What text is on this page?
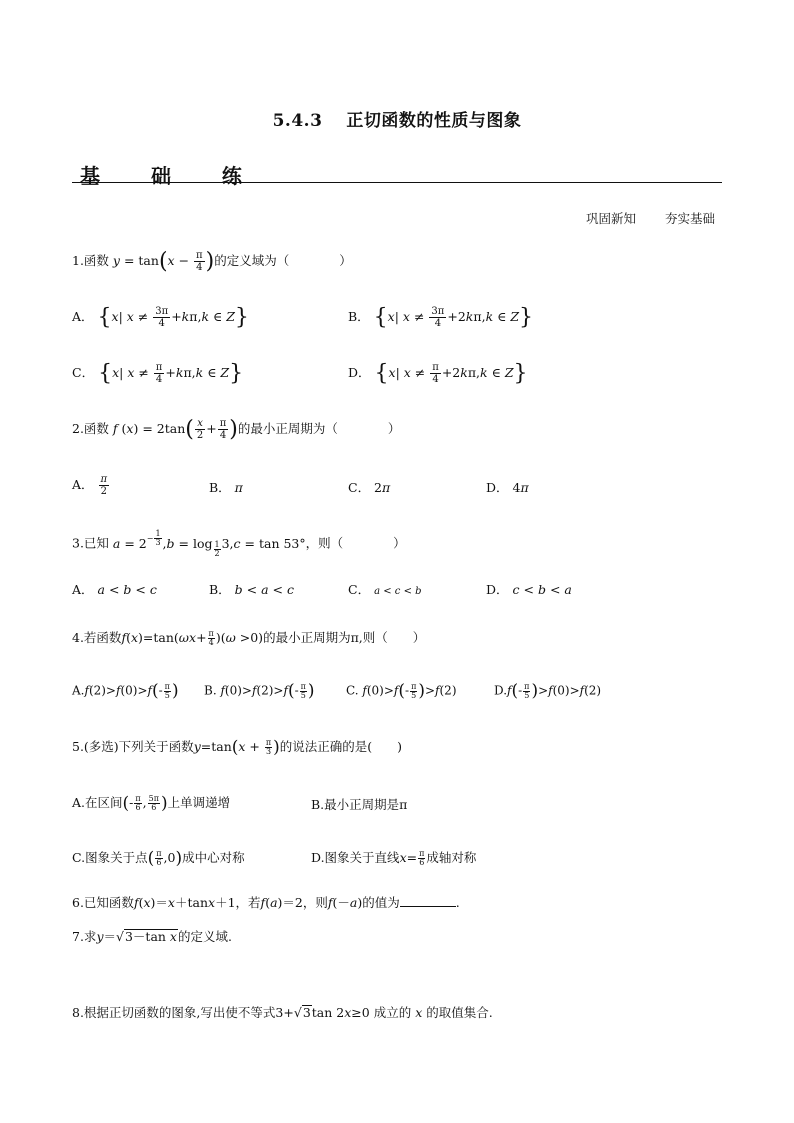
5.4.3 正切函数的性质与图象
基 础 练
巩固新知 夯实基础
1.函数 $y = \tan(x - \frac{\pi}{4}$ )的定义域为（　　　　）
A． {x| $x \ne \frac{3\pi}{4} +k\pi,k$ ∈ Z}	B． {x| $x \ne \frac{3\pi}{4} +2k\pi,k$ ∈ Z}
C． {x| $x \ne \frac{\pi}{4} +k\pi,k$ ∈ Z}	D． {x| $x \ne \frac{\pi}{4} +2k\pi,k$ ∈ Z}
2.函数 f $(x) = 2\tan( \frac{x}{2} + \frac{\pi}{4}$ )的最小正周期为（　　　　）
A． $\frac{\pi}{2}$	B． π	C． 2π	D． 4π
3.已知 $a = 2^{- \frac{1}{3}}$ ,b = log $_{\frac{1}{2}}$ 3,c = tan 53°，则（　　　　）
A． a < b < c	B． b < a < c	C． a < c < b	D． c < b < a
4.若函数$f(x)=\tan(\omega x+ \frac{\pi}{4} )(\omega >0)$的最小正周期为π,则（　　）
$A.f(2)>f(0)>f(- \frac{\pi}{5}$ ) B. $f(0)>f(2)>f(- \frac{\pi}{5}$ )	C. $f(0)>f(- \frac{\pi}{5} )>f(2)$	$D.f(- \frac{\pi}{5} )>f(0)>f(2)$
5.(多选)下列关于函数$y=\tan(x + \frac{\pi}{3}$ )的说法正确的是(　　)
A.在区间(- $\frac{\pi}{6}$ , $\frac{5\pi}{6}$ )上单调递增	B.最小正周期是π
C.图象关于点( $\frac{\pi}{6} ,0$)成中心对称	D.图象关于直线$x= \frac{\pi}{6}$ 成轴对称
6.已知函数f(x)＝x＋tanx＋1，若f(a)＝2，则f(－a)的值为	.
7.求y＝√3－tan x的定义域.
8.根据正切函数的图象,写出使不等式3+√3tan 2x≥0 成立的 x 的取值集合.
